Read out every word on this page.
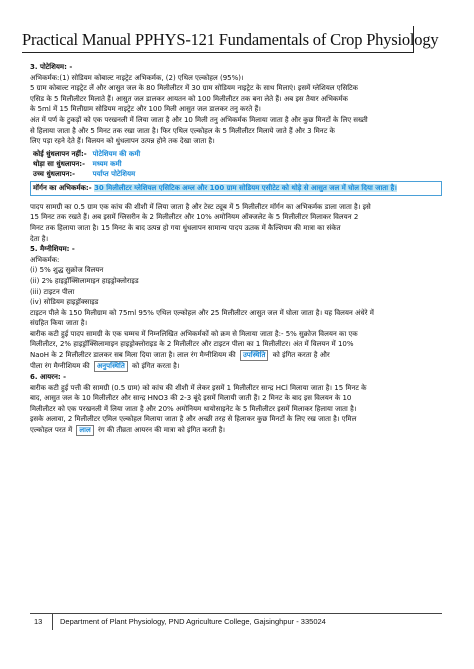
Practical Manual PPHYS-121 Fundamentals of Crop Physiology

3. पोटेशियम: -

अभिकर्मक:(1) सोडियम कोबाल्ट नाइट्रेट अभिकर्मक, (2) एथिल एल्कोहल (95%)।

5 ग्राम कोबाल्ट नाइट्रेट लें और आसुत जल के 80 मिलीलीटर में 30 ग्राम सोडियम नाइट्रेट के साथ मिलाएं। इसमें ग्लेशियल एसिटिक

एसिड के 5 मिलीलीटर मिलाते हैं। आसुत जल डालकर आयतन को 100 मिलीलीटर तक बना लेते हैं। अब इस तैयार अभिकर्मक

के 5ml में 15 मिलीग्राम सोडियम नाइट्रेट और 100 मिली आसुत जल डालकर तनु करते हैं।

अंत में पर्ण के टुकड़ों को एक परखनली में लिया जाता है और 10 मिली तनु अभिकर्मक मिलाया जाता है और कुछ मिनटों के लिए सख्ती

से हिलाया जाता है और 5 मिनट तक रखा जाता है। फिर एथिल एल्कोहल के 5 मिलीलीटर मिलाये जाते हैं और 3 मिनट के

लिए पड़ा रहने देते हैं। विलयन को धुंधलापन उत्पन्न होने तक देखा जाता है।

कोई धुंधलापन नहीं:-	पोटेशियम की कमी
थोड़ा सा धुंधलापन:-	मध्यम कमी
उच्च धुंधलापन:-	पर्याप्त पोटेशियम
मॉर्गन का अभिकर्मक:- 30 मिलीलीटर ग्लेशियल एसिटिक अम्ल और 100 ग्राम सोडियम एसीटेट को थोड़े से आसुत जल में घोल दिया जाता है।

पादप सामग्री का 0.5 ग्राम एक कांच की शीशी में लिया जाता है और टेस्ट ट्यूब में 5 मिलीलीटर मॉर्गन का अभिकर्मक डाला जाता है। इसे

15 मिनट तक रखते हैं। अब इसमें ग्लिसरीन के 2 मिलीलीटर और 10% अमोनियम ऑक्जलेट के 5 मिलीलीटर मिलाकर विलयन 2

मिनट तक हिलाया जाता है। 15 मिनट के बाद उत्पन्न हो गया धुंधलापन सामान्य पादप ऊतक में कैल्शियम की मात्रा का संकेत

देता है।

5. मैग्नीशियम: -

अभिकर्मक:

(i) 5% शुद्ध सुक्रोज विलयन

(ii) 2% हाइड्रॉक्सिलामाइन हाइड्रोक्लोराइड

(iii) टाइटन पीला

(iv) सोडियम हाइड्रॉक्साइड

टाइटन पीले के 150 मिलीग्राम को 75ml 95% एथिल एल्कोहल और 25 मिलीलीटर आसुत जल में घोला जाता है। यह विलयन अंधेरे में

संग्रहित किया जाता है।

बारीक कटी हुई पादप सामग्री के एक चम्मच में निम्नलिखित अभिकर्मकों को क्रम से मिलाया जाता है:- 5% सुक्रोज विलयन का एक

मिलीलीटर, 2% हाइड्रॉक्सिलामाइन हाइड्रोक्लोराइड के 2 मिलीलीटर और टाइटन पीला का 1 मिलीलीटर। अंत में विलयन में 10%

NaoH के 2 मिलीलीटर डालकर सब मिला दिया जाता है। लाल रंग मैग्नीशियम की उपस्थिति को इंगित करता है और

पीला रंग मैग्नीशियम की अनुपस्थिति को इंगित करता है।

6. आयरन: -

बारीक कटी हुई पत्ती की सामग्री (0.5 ग्राम) को कांच की शीशी में लेकर इसमें 1 मिलीलीटर सान्द्र HCl मिलाया जाता है। 15 मिनट के

बाद, आसुत जल के 10 मिलीलीटर और सान्द्र HNO3 की 2-3 बूंदे इसमें मिलायी जाती हैं। 2 मिनट के बाद इस विलयन के 10

मिलीलीटर को एक परखनली में लिया जाता है और 20% अमोनियम थायोसाइनेट के 5 मिलीलीटर इसमें मिलाकर हिलाया जाता है।

इसके अलावा, 2 मिलीलीटर एमिल एल्कोहल मिलाया जाता है और अच्छी तरह से हिलाकर कुछ मिनटों के लिए रख जाता है। एमिल

एल्कोहल परत में लाल रंग की तीव्रता आयरन की मात्रा को इंगित करती है।

13 Department of Plant Physiology, PND Agriculture College, Gajsinghpur - 335024
